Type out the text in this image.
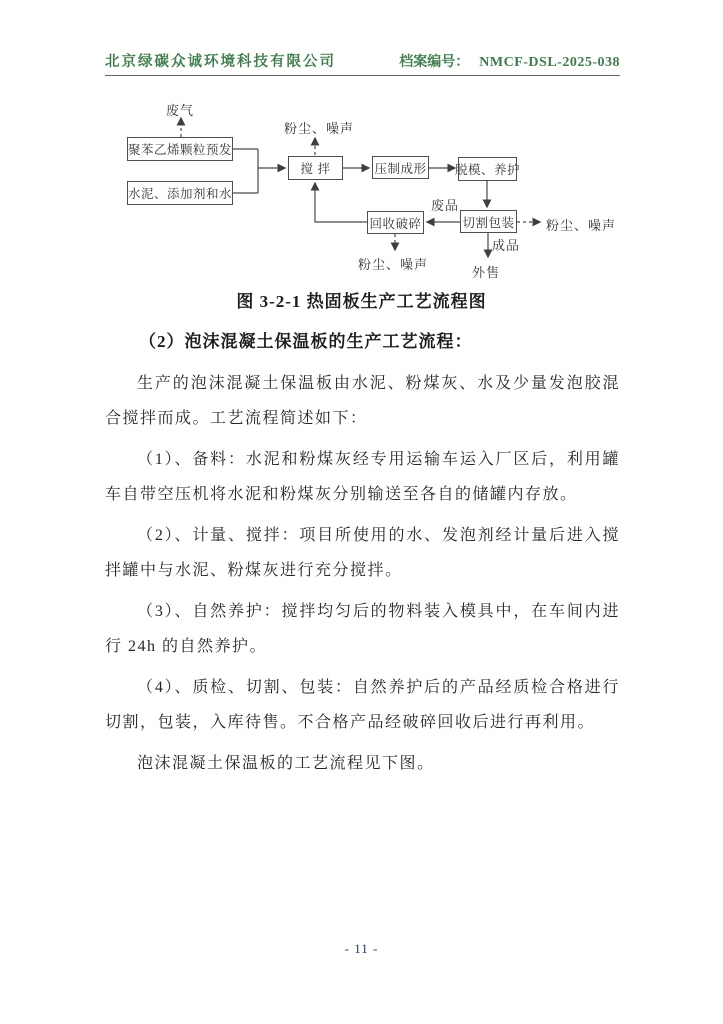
北京绿碳众诚环境科技有限公司	档案编号： NMCF-DSL-2025-038
聚苯乙烯颗粒预发
水泥、添加剂和水
搅 拌	压制成形 脱模、养护
切割包装
回收破碎
废气
粉尘、噪声
废品
粉尘、噪声
成品
粉尘、噪声
外售
图 3-2-1 热固板生产工艺流程图
（2）泡沫混凝土保温板的生产工艺流程：

生产的泡沫混凝土保温板由水泥、粉煤灰、水及少量发泡胶混合搅拌而成。工艺流程简述如下：

（1）、备料：水泥和粉煤灰经专用运输车运入厂区后，利用罐车自带空压机将水泥和粉煤灰分别输送至各自的储罐内存放。

（2）、计量、搅拌：项目所使用的水、发泡剂经计量后进入搅拌罐中与水泥、粉煤灰进行充分搅拌。

（3）、自然养护：搅拌均匀后的物料装入模具中，在车间内进行 24h 的自然养护。

（4）、质检、切割、包装：自然养护后的产品经质检合格进行切割，包装，入库待售。不合格产品经破碎回收后进行再利用。

泡沫混凝土保温板的工艺流程见下图。

- 11 -
